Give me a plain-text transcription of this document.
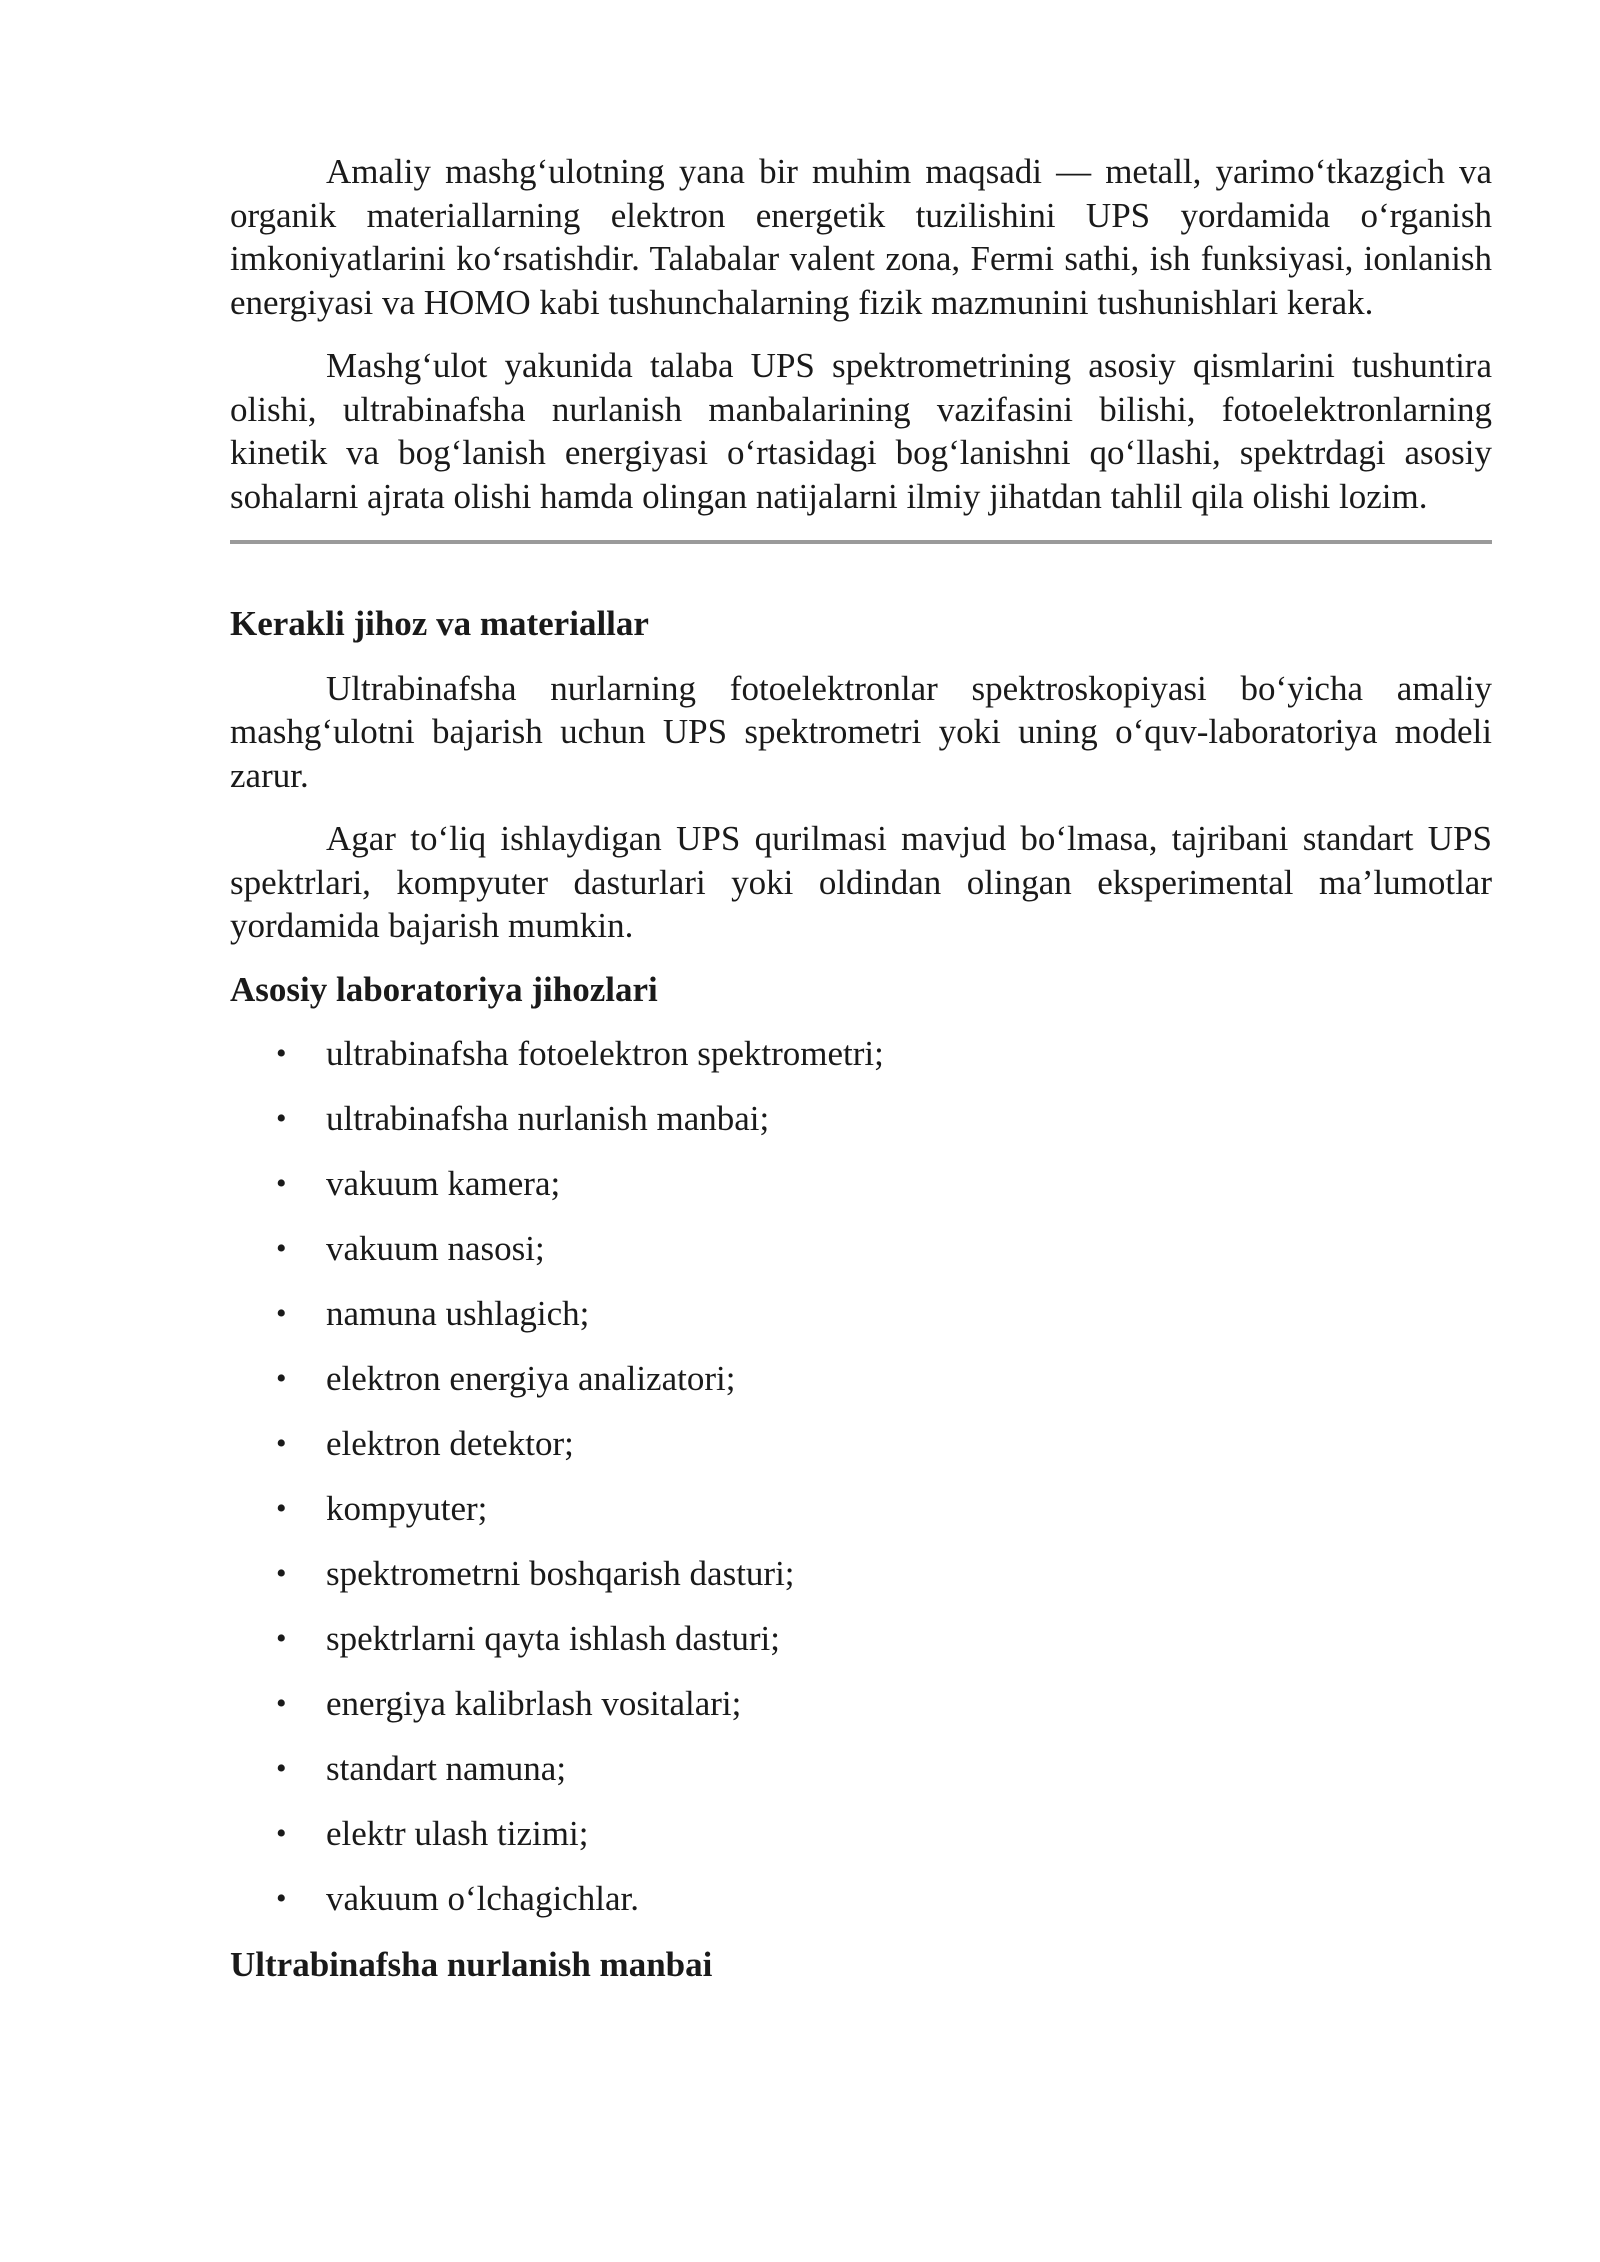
Amaliy mashg‘ulotning yana bir muhim maqsadi — metall, yarimo‘tkazgich va organik materiallarning elektron energetik tuzilishini UPS yordamida o‘rganish imkoniyatlarini ko‘rsatishdir. Talabalar valent zona, Fermi sathi, ish funksiyasi, ionlanish energiyasi va HOMO kabi tushunchalarning fizik mazmunini tushunishlari kerak.

Mashg‘ulot yakunida talaba UPS spektrometrining asosiy qismlarini tushuntira olishi, ultrabinafsha nurlanish manbalarining vazifasini bilishi, fotoelektronlarning kinetik va bog‘lanish energiyasi o‘rtasidagi bog‘lanishni qo‘llashi, spektrdagi asosiy sohalarni ajrata olishi hamda olingan natijalarni ilmiy jihatdan tahlil qila olishi lozim.

Kerakli jihoz va materiallar

Ultrabinafsha nurlarning fotoelektronlar spektroskopiyasi bo‘yicha amaliy mashg‘ulotni bajarish uchun UPS spektrometri yoki uning o‘quv-laboratoriya modeli zarur.

Agar to‘liq ishlaydigan UPS qurilmasi mavjud bo‘lmasa, tajribani standart UPS spektrlari, kompyuter dasturlari yoki oldindan olingan eksperimental ma’lumotlar yordamida bajarish mumkin.

Asosiy laboratoriya jihozlari
• ultrabinafsha fotoelektron spektrometri;
• ultrabinafsha nurlanish manbai;
• vakuum kamera;
• vakuum nasosi;
• namuna ushlagich;
• elektron energiya analizatori;
• elektron detektor;
• kompyuter;
• spektrometrni boshqarish dasturi;
• spektrlarni qayta ishlash dasturi;
• energiya kalibrlash vositalari;
• standart namuna;
• elektr ulash tizimi;
• vakuum o‘lchagichlar.
Ultrabinafsha nurlanish manbai
